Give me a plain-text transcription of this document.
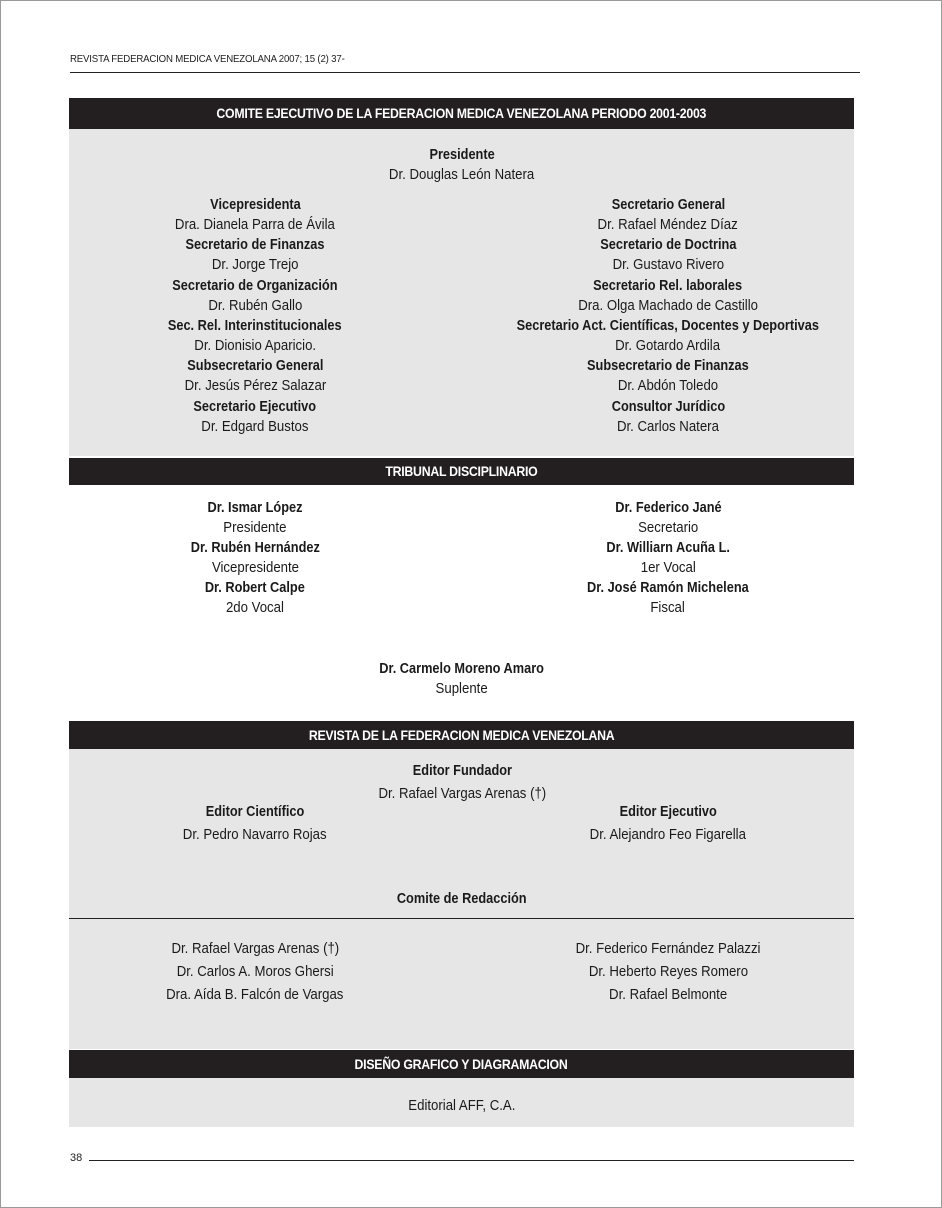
REVISTA FEDERACION MEDICA VENEZOLANA 2007; 15 (2) 37-
COMITE EJECUTIVO DE LA FEDERACION MEDICA VENEZOLANA PERIODO 2001-2003
Presidente
Dr. Douglas León Natera
Vicepresidenta
Dra. Dianela Parra de Ávila
Secretario de Finanzas
Dr. Jorge Trejo
Secretario de Organización
Dr. Rubén Gallo
Sec. Rel. Interinstitucionales
Dr. Dionisio Aparicio.
Subsecretario General
Dr. Jesús Pérez Salazar
Secretario Ejecutivo
Dr. Edgard Bustos
Secretario General
Dr. Rafael Méndez Díaz
Secretario de Doctrina
Dr. Gustavo Rivero
Secretario Rel. laborales
Dra. Olga Machado de Castillo
Secretario Act. Científicas, Docentes y Deportivas
Dr. Gotardo Ardila
Subsecretario de Finanzas
Dr. Abdón Toledo
Consultor Jurídico
Dr. Carlos Natera
TRIBUNAL DISCIPLINARIO
Dr. Ismar López
Presidente
Dr. Rubén Hernández
Vicepresidente
Dr. Robert Calpe
2do Vocal
Dr. Federico Jané
Secretario
Dr. Williarn Acuña L.
1er Vocal
Dr. José Ramón Michelena
Fiscal
Dr. Carmelo Moreno Amaro
Suplente
REVISTA DE LA FEDERACION MEDICA VENEZOLANA
Editor Fundador
Dr. Rafael Vargas Arenas (†)
Editor Científico
Dr. Pedro Navarro Rojas
Editor Ejecutivo
Dr. Alejandro Feo Figarella
Comite de Redacción
Dr. Rafael Vargas Arenas (†)
Dr. Carlos A. Moros Ghersi
Dra. Aída B. Falcón de Vargas
Dr. Federico Fernández Palazzi
Dr. Heberto Reyes Romero
Dr. Rafael Belmonte
DISEÑO GRAFICO Y DIAGRAMACION
Editorial AFF, C.A.
38
